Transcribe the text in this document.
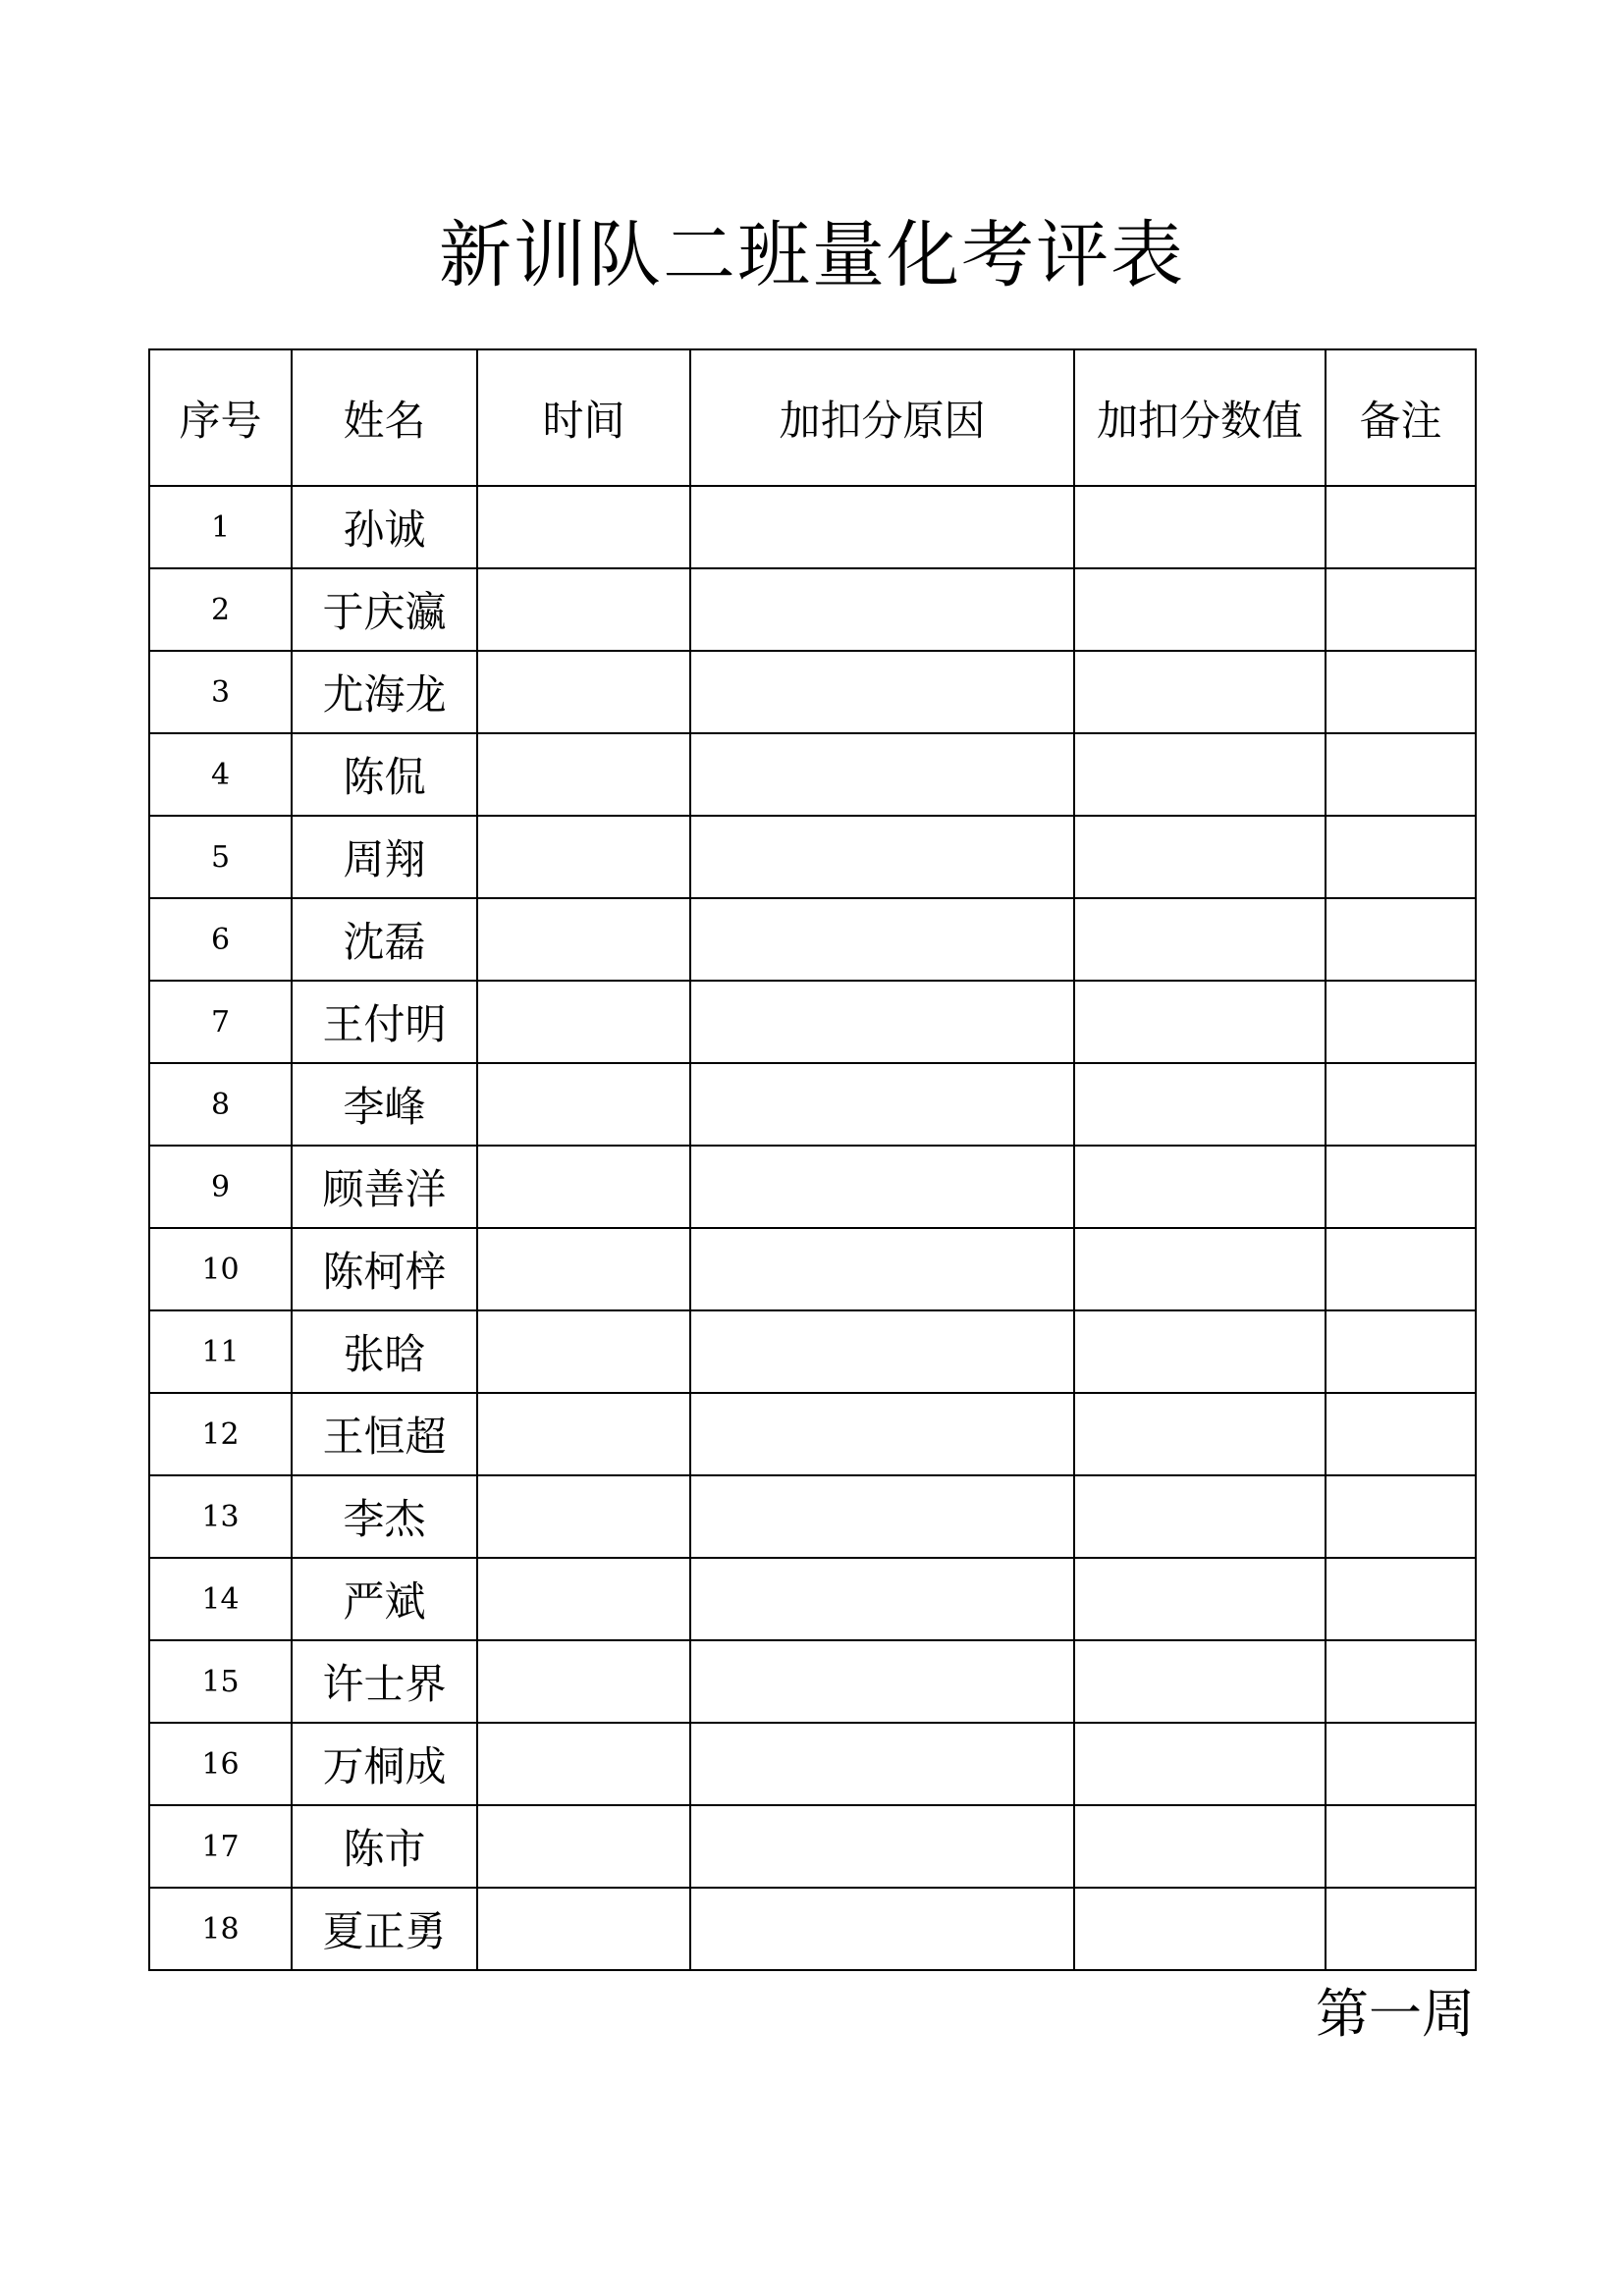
新训队二班量化考评表
序号	姓名	时间	加扣分原因	加扣分数值	备注
1	孙诚				
2	于庆瀛				
3	尤海龙				
4	陈侃				
5	周翔				
6	沈磊				
7	王付明				
8	李峰				
9	顾善洋				
10	陈柯梓				
11	张晗				
12	王恒超				
13	李杰				
14	严斌				
15	许士界				
16	万桐成				
17	陈市				
18	夏正勇				
第一周
